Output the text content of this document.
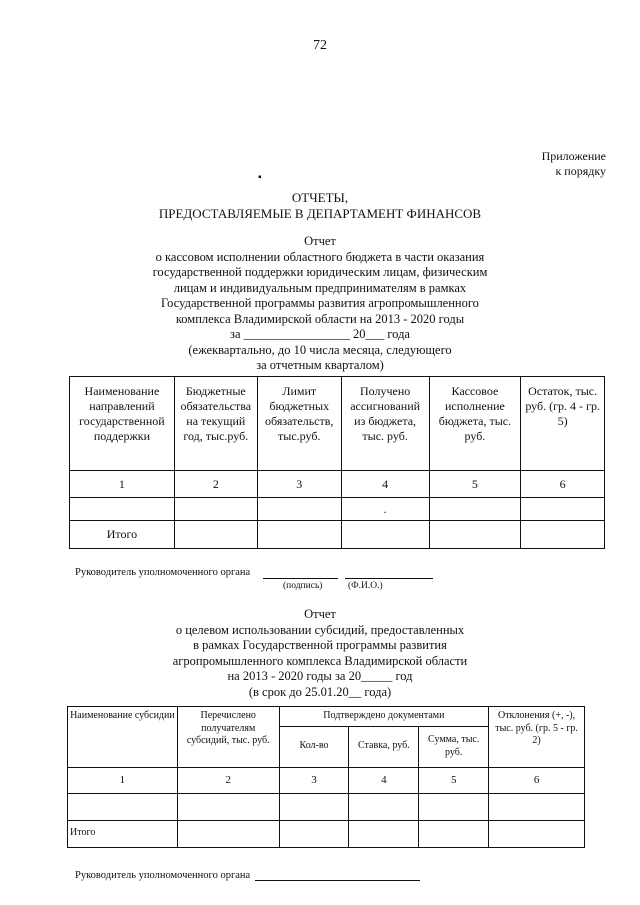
72
Приложение
к порядку
▪
ОТЧЕТЫ,
ПРЕДОСТАВЛЯЕМЫЕ В ДЕПАРТАМЕНТ ФИНАНСОВ
Отчет
о кассовом исполнении областного бюджета в части оказания
государственной поддержки юридическим лицам, физическим
лицам и индивидуальным предпринимателям в рамках
Государственной программы развития агропромышленного
комплекса Владимирской области на 2013 - 2020 годы
за _________________ 20___ года
(ежеквартально, до 10 числа месяца, следующего
за отчетным кварталом)
Наименование направлений государственной поддержки	Бюджетные обязательства на текущий год, тыс.руб.	Лимит бюджетных обязательств, тыс.руб.	Получено ассигнований из бюджета, тыс. руб.	Кассовое исполнение бюджета, тыс. руб.	Остаток, тыс. руб. (гр. 4 - гр. 5)
1	2	3	4	5	6
			.		
Итого					
Руководитель уполномоченного органа
(подпись)	(Ф.И.О.)
Отчет
о целевом использовании субсидий, предоставленных
в рамках Государственной программы развития
агропромышленного комплекса Владимирской области
на 2013 - 2020 годы за 20_____ год
(в срок до 25.01.20__ года)
Наименование субсидии	Перечислено получателям субсидий, тыс. руб.	Подтверждено документами			Отклонения (+, -), тыс. руб. (гр. 5 - гр. 2)
		Кол-во	Ставка, руб.	Сумма, тыс. руб.	
1	2	3	4	5	6

Итого					
Руководитель уполномоченного органа
